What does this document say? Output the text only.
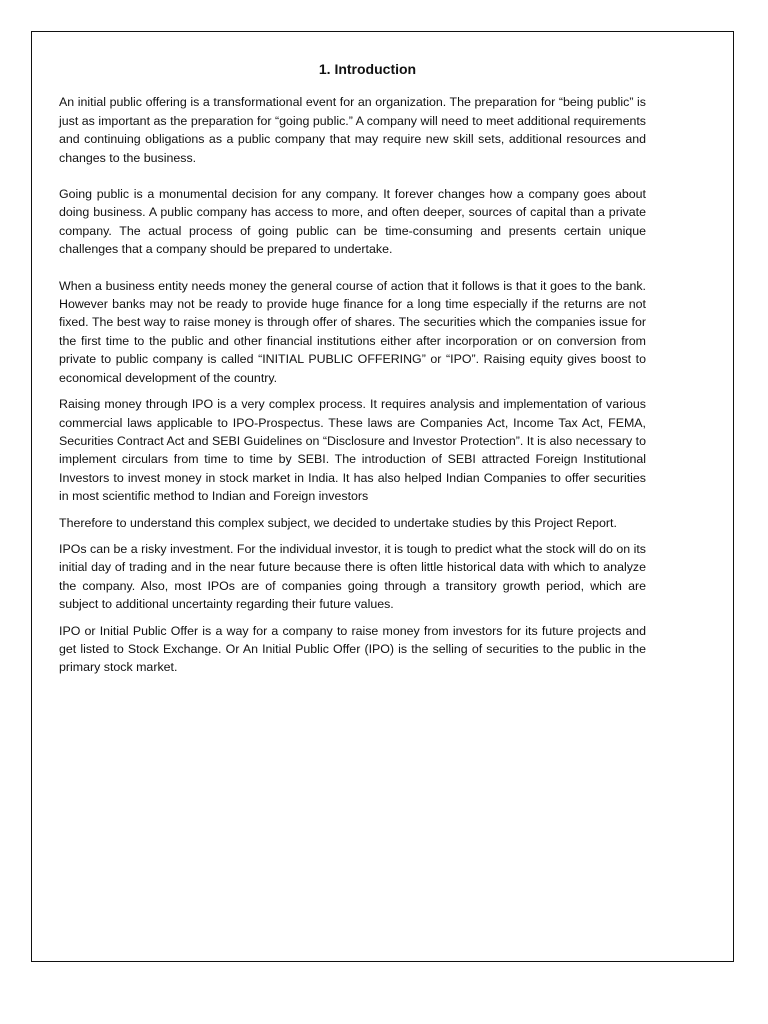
1. Introduction

An initial public offering is a transformational event for an organization. The preparation for “being public” is just as important as the preparation for “going public.” A company will need to meet additional requirements and continuing obligations as a public company that may require new skill sets, additional resources and changes to the business.

Going public is a monumental decision for any company. It forever changes how a company goes about doing business. A public company has access to more, and often deeper, sources of capital than a private company. The actual process of going public can be time-consuming and presents certain unique challenges that a company should be prepared to undertake.

When a business entity needs money the general course of action that it follows is that it goes to the bank. However banks may not be ready to provide huge finance for a long time especially if the returns are not fixed. The best way to raise money is through offer of shares. The securities which the companies issue for the first time to the public and other financial institutions either after incorporation or on conversion from private to public company is called “INITIAL PUBLIC OFFERING” or “IPO”. Raising equity gives boost to economical development of the country.

Raising money through IPO is a very complex process. It requires analysis and implementation of various commercial laws applicable to IPO-Prospectus. These laws are Companies Act, Income Tax Act, FEMA, Securities Contract Act and SEBI Guidelines on “Disclosure and Investor Protection”. It is also necessary to implement circulars from time to time by SEBI. The introduction of SEBI attracted Foreign Institutional Investors to invest money in stock market in India. It has also helped Indian Companies to offer securities in most scientific method to Indian and Foreign investors

Therefore to understand this complex subject, we decided to undertake studies by this Project Report.

IPOs can be a risky investment. For the individual investor, it is tough to predict what the stock will do on its initial day of trading and in the near future because there is often little historical data with which to analyze the company. Also, most IPOs are of companies going through a transitory growth period, which are subject to additional uncertainty regarding their future values.

IPO or Initial Public Offer is a way for a company to raise money from investors for its future projects and get listed to Stock Exchange. Or An Initial Public Offer (IPO) is the selling of securities to the public in the primary stock market.
